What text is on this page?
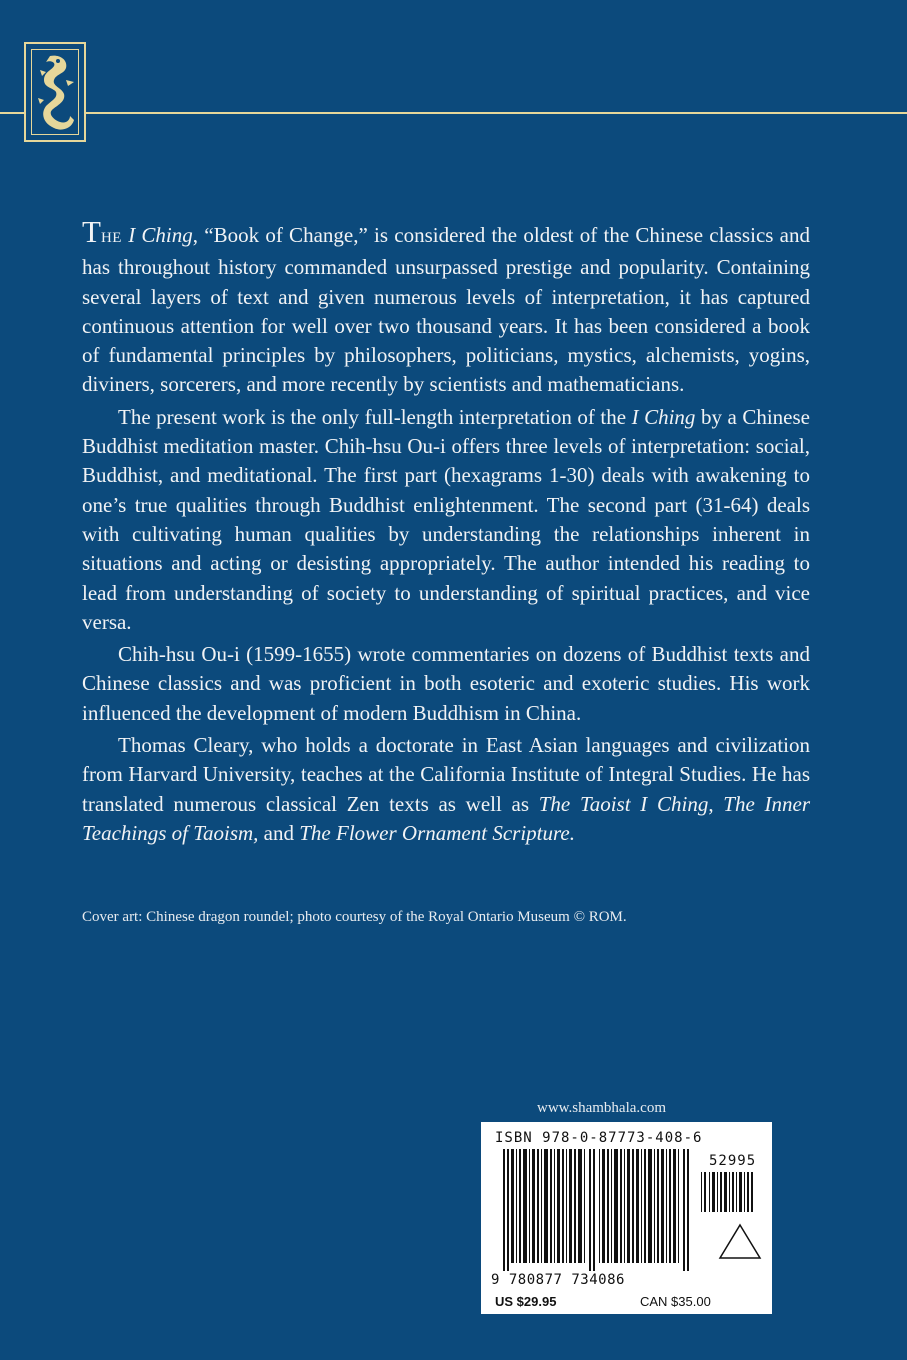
THE I Ching, “Book of Change,” is considered the oldest of the Chinese classics and has throughout history commanded unsurpassed prestige and popularity. Containing several layers of text and given numerous levels of interpretation, it has captured continuous attention for well over two thousand years. It has been considered a book of fundamental principles by philosophers, politicians, mystics, alchemists, yogins, diviners, sorcerers, and more recently by scientists and mathematicians.

The present work is the only full-length interpretation of the I Ching by a Chinese Buddhist meditation master. Chih-hsu Ou-i offers three levels of interpretation: social, Buddhist, and meditational. The first part (hexagrams 1-30) deals with awakening to one’s true qualities through Buddhist enlightenment. The second part (31-64) deals with cultivating human qualities by understanding the relationships inherent in situations and acting or desisting appropriately. The author intended his reading to lead from understanding of society to understanding of spiritual practices, and vice versa.

Chih-hsu Ou-i (1599-1655) wrote commentaries on dozens of Buddhist texts and Chinese classics and was proficient in both esoteric and exoteric studies. His work influenced the development of modern Buddhism in China.

Thomas Cleary, who holds a doctorate in East Asian languages and civilization from Harvard University, teaches at the California Institute of Integral Studies. He has translated numerous classical Zen texts as well as The Taoist I Ching, The Inner Teachings of Taoism, and The Flower Ornament Scripture.

Cover art: Chinese dragon roundel; photo courtesy of the Royal Ontario Museum © ROM.
www.shambhala.com
ISBN 978-0-87773-408-6
52995
9 780877 734086
US $29.95	CAN $35.00
